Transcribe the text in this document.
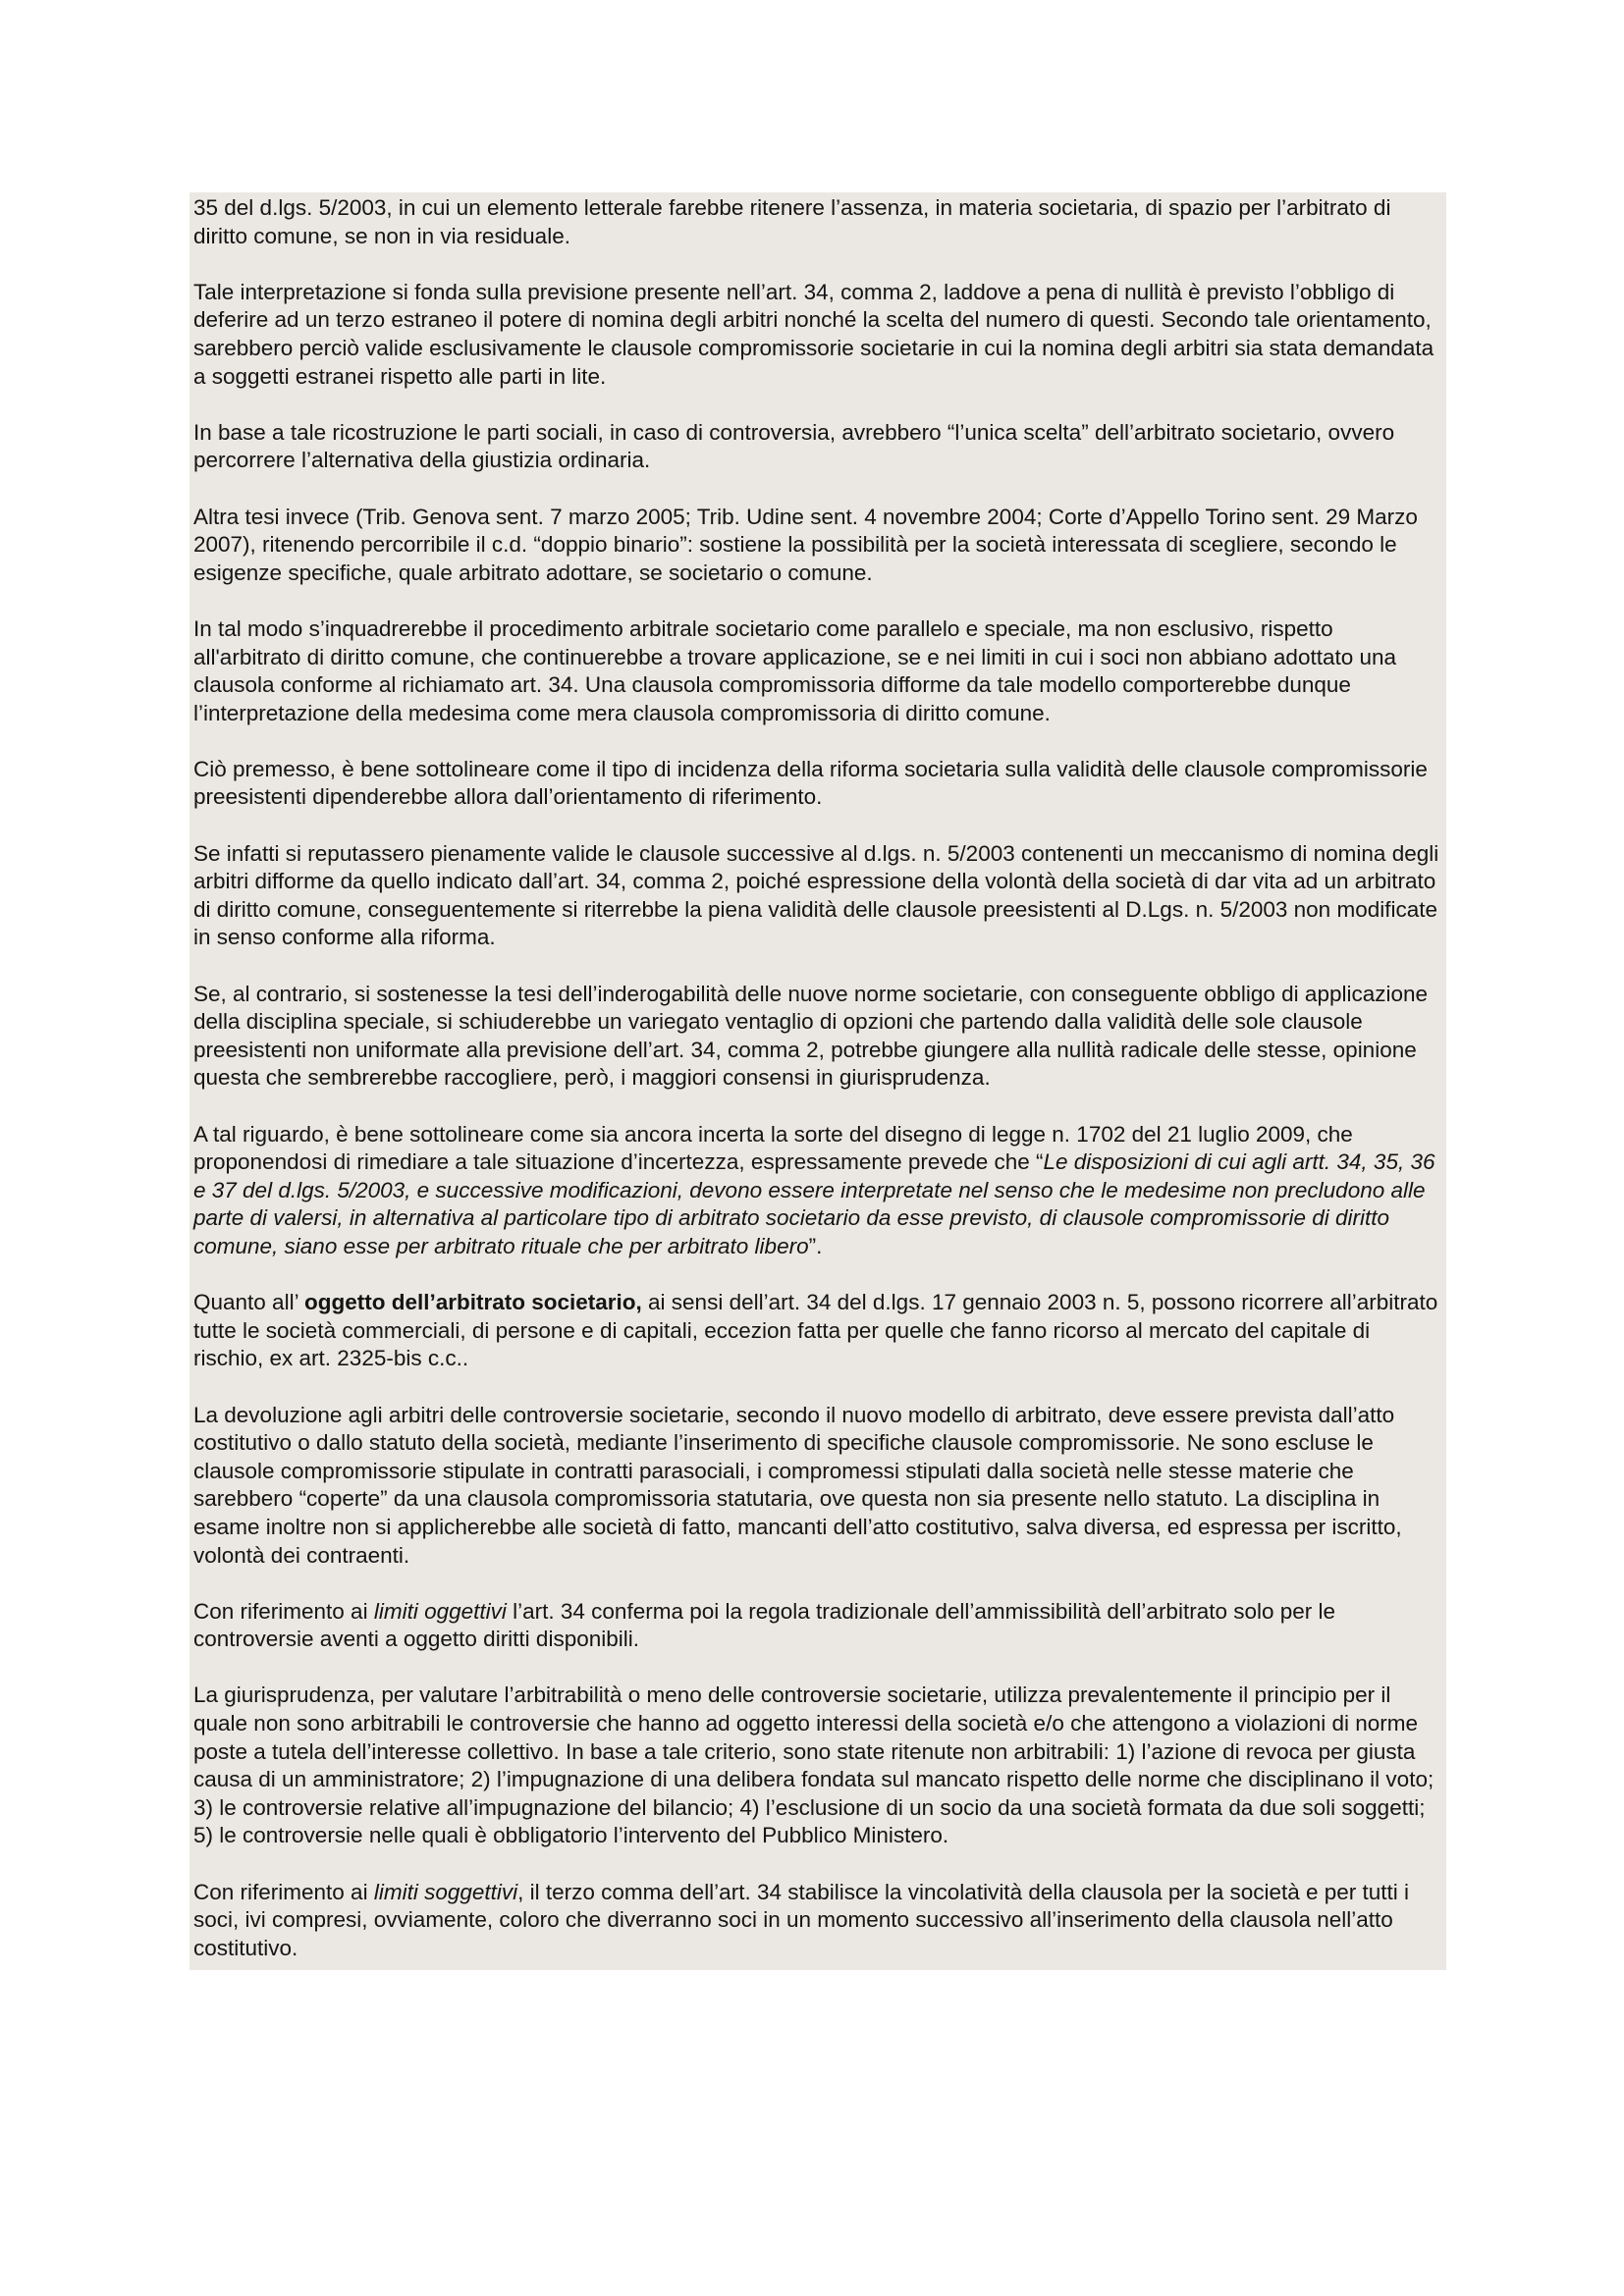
35 del d.lgs. 5/2003, in cui un elemento letterale farebbe ritenere l’assenza, in materia societaria, di spazio per l’arbitrato di diritto comune, se non in via residuale.

Tale interpretazione si fonda sulla previsione presente nell’art. 34, comma 2, laddove a pena di nullità è previsto l’obbligo di deferire ad un terzo estraneo il potere di nomina degli arbitri nonché la scelta del numero di questi. Secondo tale orientamento, sarebbero perciò valide esclusivamente le clausole compromissorie societarie in cui la nomina degli arbitri sia stata demandata a soggetti estranei rispetto alle parti in lite.

In base a tale ricostruzione le parti sociali, in caso di controversia, avrebbero “l’unica scelta” dell’arbitrato societario, ovvero percorrere l’alternativa della giustizia ordinaria.

Altra tesi invece (Trib. Genova sent. 7 marzo 2005; Trib. Udine sent. 4 novembre 2004; Corte d’Appello Torino sent. 29 Marzo 2007), ritenendo percorribile il c.d. “doppio binario”: sostiene la possibilità per la società interessata di scegliere, secondo le esigenze specifiche, quale arbitrato adottare, se societario o comune.

In tal modo s’inquadrerebbe il procedimento arbitrale societario come parallelo e speciale, ma non esclusivo, rispetto all'arbitrato di diritto comune, che continuerebbe a trovare applicazione, se e nei limiti in cui i soci non abbiano adottato una clausola conforme al richiamato art. 34. Una clausola compromissoria difforme da tale modello comporterebbe dunque l’interpretazione della medesima come mera clausola compromissoria di diritto comune.

Ciò premesso, è bene sottolineare come il tipo di incidenza della riforma societaria sulla validità delle clausole compromissorie preesistenti dipenderebbe allora dall’orientamento di riferimento.

Se infatti si reputassero pienamente valide le clausole successive al d.lgs. n. 5/2003 contenenti un meccanismo di nomina degli arbitri difforme da quello indicato dall’art. 34, comma 2, poiché espressione della volontà della società di dar vita ad un arbitrato di diritto comune, conseguentemente si riterrebbe la piena validità delle clausole preesistenti al D.Lgs. n. 5/2003 non modificate in senso conforme alla riforma.

Se, al contrario, si sostenesse la tesi dell’inderogabilità delle nuove norme societarie, con conseguente obbligo di applicazione della disciplina speciale, si schiuderebbe un variegato ventaglio di opzioni che partendo dalla validità delle sole clausole preesistenti non uniformate alla previsione dell’art. 34, comma 2, potrebbe giungere alla nullità radicale delle stesse, opinione questa che sembrerebbe raccogliere, però, i maggiori consensi in giurisprudenza.

A tal riguardo, è bene sottolineare come sia ancora incerta la sorte del disegno di legge n. 1702 del 21 luglio 2009, che proponendosi di rimediare a tale situazione d’incertezza, espressamente prevede che “Le disposizioni di cui agli artt. 34, 35, 36 e 37 del d.lgs. 5/2003, e successive modificazioni, devono essere interpretate nel senso che le medesime non precludono alle parte di valersi, in alternativa al particolare tipo di arbitrato societario da esse previsto, di clausole compromissorie di diritto comune, siano esse per arbitrato rituale che per arbitrato libero”.

Quanto all’ oggetto dell’arbitrato societario, ai sensi dell’art. 34 del d.lgs. 17 gennaio 2003 n. 5, possono ricorrere all’arbitrato tutte le società commerciali, di persone e di capitali, eccezion fatta per quelle che fanno ricorso al mercato del capitale di rischio, ex art. 2325-bis c.c..

La devoluzione agli arbitri delle controversie societarie, secondo il nuovo modello di arbitrato, deve essere prevista dall’atto costitutivo o dallo statuto della società, mediante l’inserimento di specifiche clausole compromissorie. Ne sono escluse le clausole compromissorie stipulate in contratti parasociali, i compromessi stipulati dalla società nelle stesse materie che sarebbero “coperte” da una clausola compromissoria statutaria, ove questa non sia presente nello statuto. La disciplina in esame inoltre non si applicherebbe alle società di fatto, mancanti dell’atto costitutivo, salva diversa, ed espressa per iscritto, volontà dei contraenti.

Con riferimento ai limiti oggettivi l’art. 34 conferma poi la regola tradizionale dell’ammissibilità dell’arbitrato solo per le controversie aventi a oggetto diritti disponibili.

La giurisprudenza, per valutare l’arbitrabilità o meno delle controversie societarie, utilizza prevalentemente il principio per il quale non sono arbitrabili le controversie che hanno ad oggetto interessi della società e/o che attengono a violazioni di norme poste a tutela dell’interesse collettivo. In base a tale criterio, sono state ritenute non arbitrabili: 1) l’azione di revoca per giusta causa di un amministratore; 2) l’impugnazione di una delibera fondata sul mancato rispetto delle norme che disciplinano il voto; 3) le controversie relative all’impugnazione del bilancio; 4) l’esclusione di un socio da una società formata da due soli soggetti; 5) le controversie nelle quali è obbligatorio l’intervento del Pubblico Ministero.

Con riferimento ai limiti soggettivi, il terzo comma dell’art. 34 stabilisce la vincolatività della clausola per la società e per tutti i soci, ivi compresi, ovviamente, coloro che diverranno soci in un momento successivo all’inserimento della clausola nell’atto costitutivo.
